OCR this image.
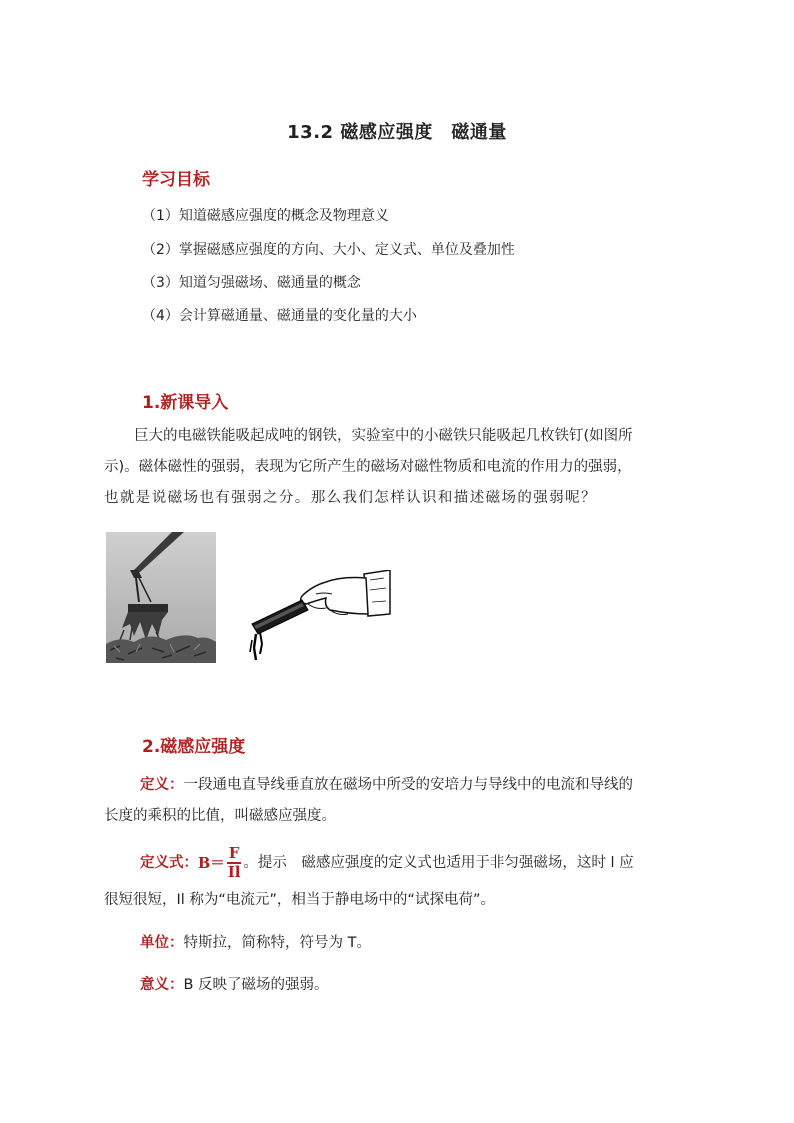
13.2 磁感应强度　磁通量
学习目标
（1）知道磁感应强度的概念及物理意义
（2）掌握磁感应强度的方向、大小、定义式、单位及叠加性
（3）知道匀强磁场、磁通量的概念
（4）会计算磁通量、磁通量的变化量的大小
1.新课导入
巨大的电磁铁能吸起成吨的钢铁，实验室中的小磁铁只能吸起几枚铁钉(如图所
示)。磁体磁性的强弱，表现为它所产生的磁场对磁性物质和电流的作用力的强弱，
也就是说磁场也有强弱之分。那么我们怎样认识和描述磁场的强弱呢？
2.磁感应强度
定义：一段通电直导线垂直放在磁场中所受的安培力与导线中的电流和导线的
长度的乘积的比值，叫磁感应强度。
定义式： $B= \frac{F}{Il}$ 。提示　磁感应强度的定义式也适用于非匀强磁场，这时 l 应
很短很短，Il 称为“电流元”，相当于静电场中的“试探电荷”。
单位：特斯拉，简称特，符号为 T。
意义：B 反映了磁场的强弱。
